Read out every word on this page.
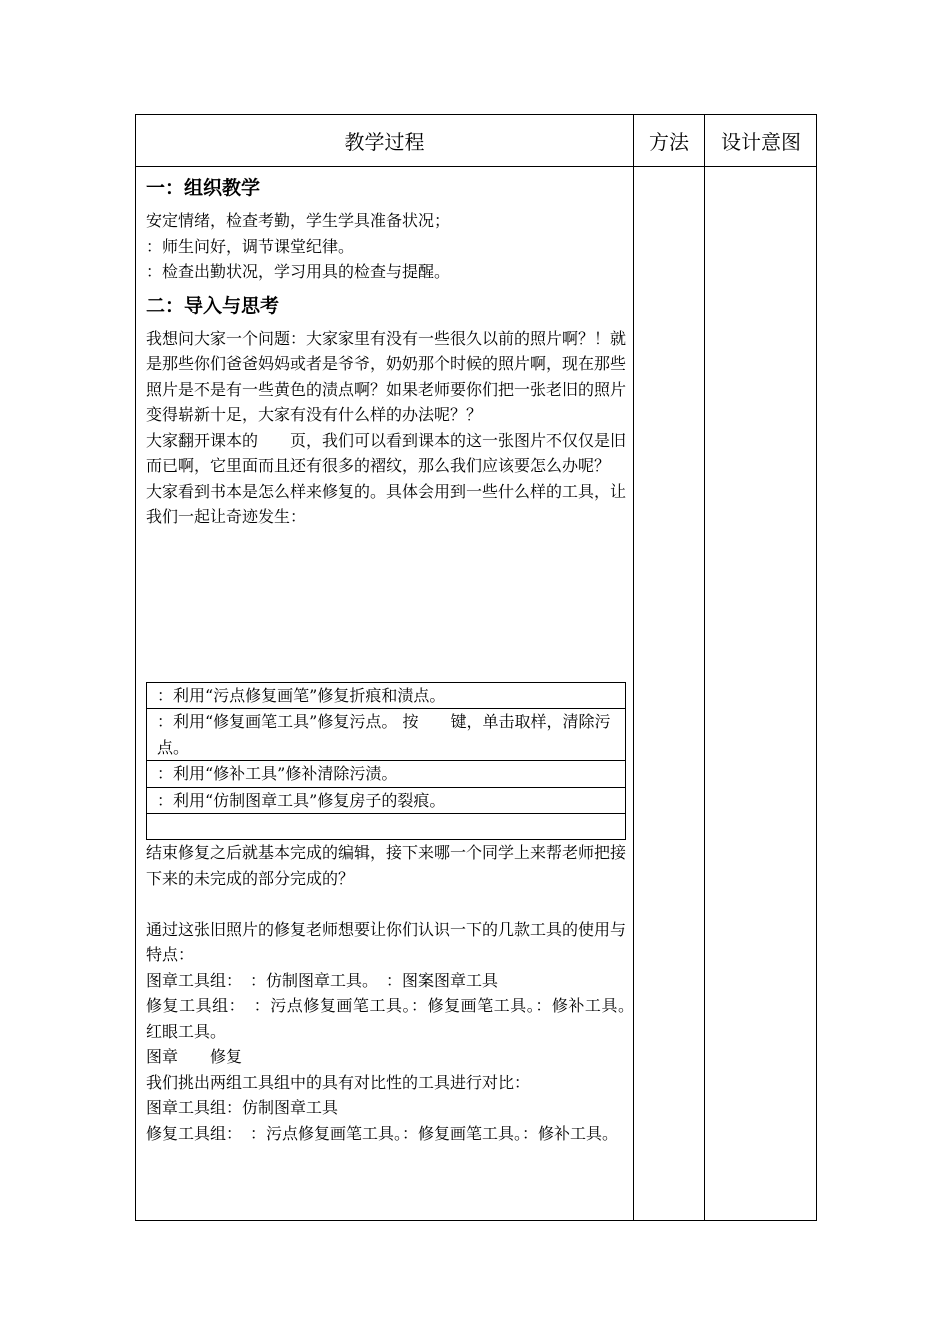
教学过程	方法	设计意图
一：组织教学

安定情绪，检查考勤，学生学具准备状况；

：师生问好，调节课堂纪律。

：检查出勤状况，学习用具的检查与提醒。

二：导入与思考

我想问大家一个问题：大家家里有没有一些很久以前的照片啊？！就是那些你们爸爸妈妈或者是爷爷，奶奶那个时候的照片啊，现在那些照片是不是有一些黄色的渍点啊？如果老师要你们把一张老旧的照片变得崭新十足，大家有没有什么样的办法呢？？

大家翻开课本的　　页，我们可以看到课本的这一张图片不仅仅是旧而已啊，它里面而且还有很多的褶纹，那么我们应该要怎么办呢？

大家看到书本是怎么样来修复的。具体会用到一些什么样的工具，让我们一起让奇迹发生：

：利用“污点修复画笔”修复折痕和渍点。
：利用“修复画笔工具”修复污点。 按　　键，单击取样，清除污点。
：利用“修补工具”修补清除污渍。
：利用“仿制图章工具”修复房子的裂痕。

结束修复之后就基本完成的编辑，接下来哪一个同学上来帮老师把接下来的未完成的部分完成的？

通过这张旧照片的修复老师想要让你们认识一下的几款工具的使用与特点：

图章工具组：　：仿制图章工具。　：图案图章工具

修复工具组：　：污点修复画笔工具。：修复画笔工具。：修补工具。　红眼工具。

图章　　修复

我们挑出两组工具组中的具有对比性的工具进行对比：

图章工具组：仿制图章工具

修复工具组：　：污点修复画笔工具。：修复画笔工具。：修补工具。
